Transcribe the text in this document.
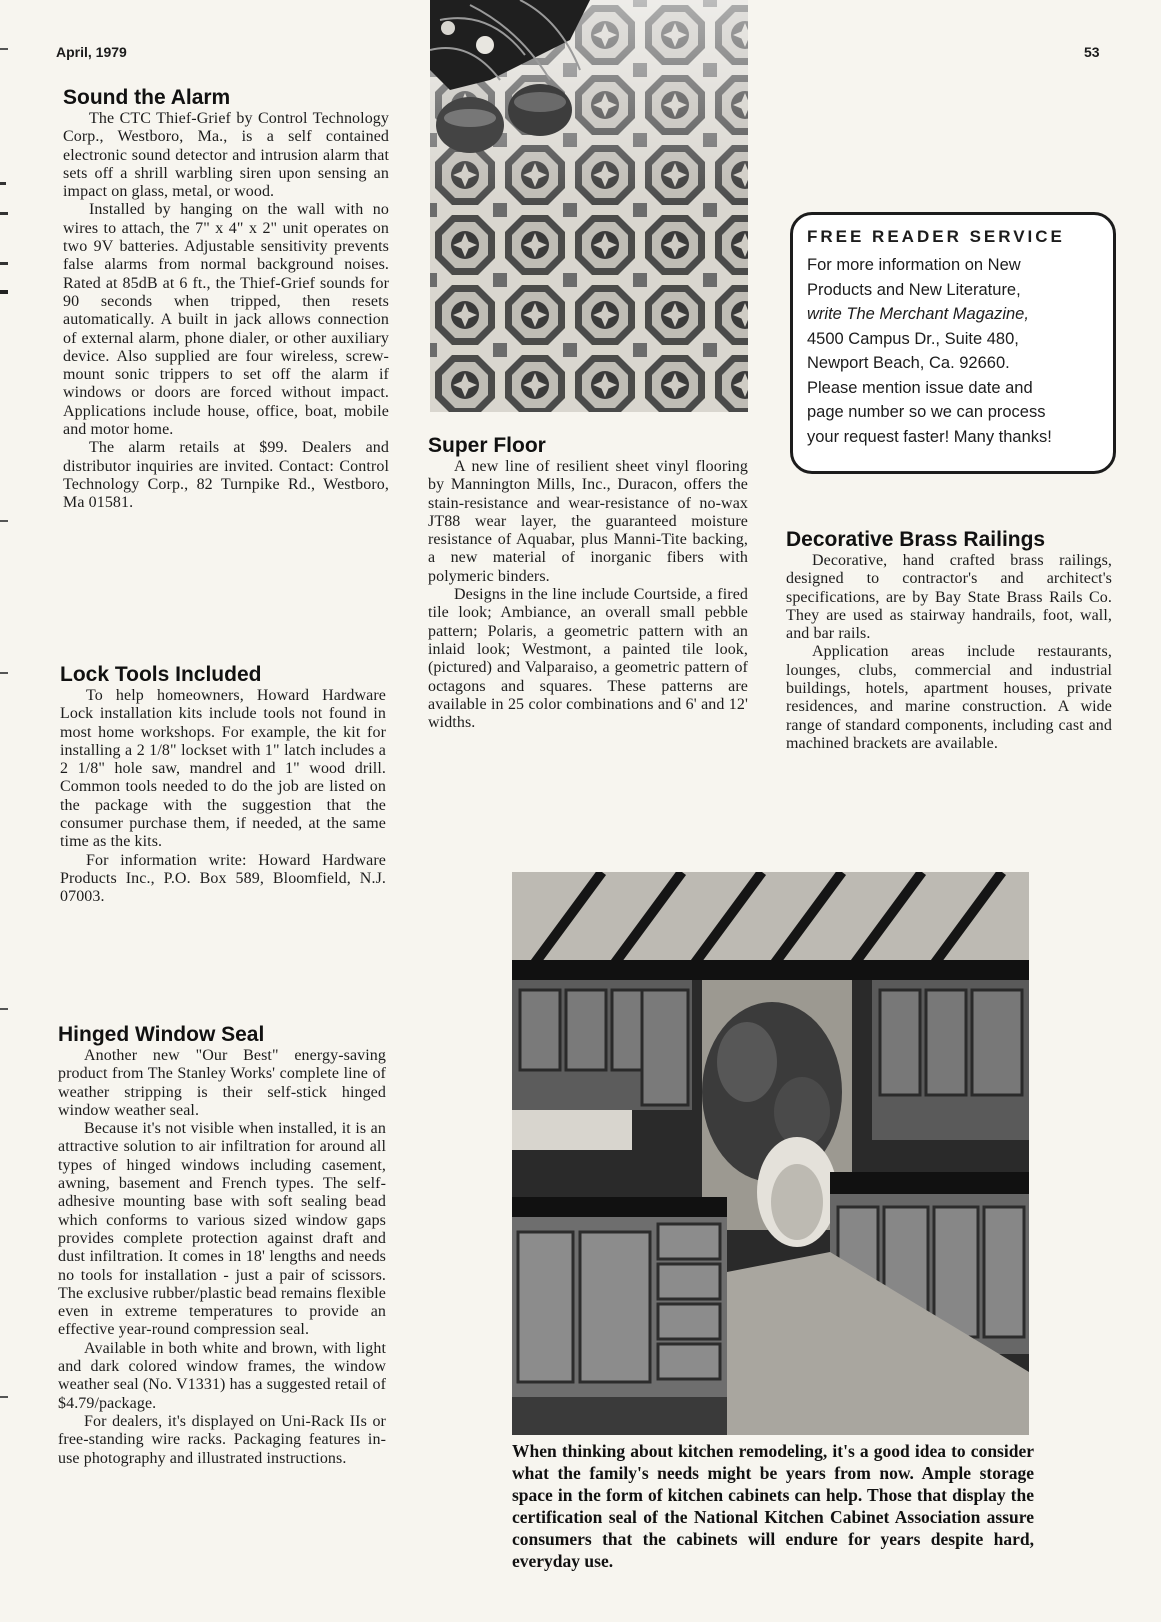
April, 1979	53
Sound the Alarm

The CTC Thief-Grief by Control Technology Corp., Westboro, Ma., is a self contained electronic sound detector and intrusion alarm that sets off a shrill warbling siren upon sensing an impact on glass, metal, or wood.

Installed by hanging on the wall with no wires to attach, the 7" x 4" x 2" unit operates on two 9V batteries. Adjustable sensitivity prevents false alarms from normal background noises. Rated at 85dB at 6 ft., the Thief-Grief sounds for 90 seconds when tripped, then resets automatically. A built in jack allows connection of external alarm, phone dialer, or other auxiliary device. Also supplied are four wireless, screw-mount sonic trippers to set off the alarm if windows or doors are forced without impact. Applications include house, office, boat, mobile and motor home.

The alarm retails at $99. Dealers and distributor inquiries are invited. Contact: Control Technology Corp., 82 Turnpike Rd., Westboro, Ma 01581.

Lock Tools Included

To help homeowners, Howard Hardware Lock installation kits include tools not found in most home workshops. For example, the kit for installing a 2 1/8" lockset with 1" latch includes a 2 1/8" hole saw, mandrel and 1" wood drill. Common tools needed to do the job are listed on the package with the suggestion that the consumer purchase them, if needed, at the same time as the kits.

For information write: Howard Hardware Products Inc., P.O. Box 589, Bloomfield, N.J. 07003.

Hinged Window Seal

Another new "Our Best" energy-saving product from The Stanley Works' complete line of weather stripping is their self-stick hinged window weather seal.

Because it's not visible when installed, it is an attractive solution to air infiltration for around all types of hinged windows including casement, awning, basement and French types. The self-adhesive mounting base with soft sealing bead which conforms to various sized window gaps provides complete protection against draft and dust infiltration. It comes in 18' lengths and needs no tools for installation - just a pair of scissors. The exclusive rubber/plastic bead remains flexible even in extreme temperatures to provide an effective year-round compression seal.

Available in both white and brown, with light and dark colored window frames, the window weather seal (No. V1331) has a suggested retail of $4.79/package.

For dealers, it's displayed on Uni-Rack IIs or free-standing wire racks. Packaging features in-use photography and illustrated instructions.

Super Floor

A new line of resilient sheet vinyl flooring by Mannington Mills, Inc., Duracon, offers the stain-resistance and wear-resistance of no-wax JT88 wear layer, the guaranteed moisture resistance of Aquabar, plus Manni-Tite backing, a new material of inorganic fibers with polymeric binders.

Designs in the line include Courtside, a fired tile look; Ambiance, an overall small pebble pattern; Polaris, a geometric pattern with an inlaid look; Westmont, a painted tile look, (pictured) and Valparaiso, a geometric pattern of octagons and squares. These patterns are available in 25 color combinations and 6' and 12' widths.

FREE READER SERVICE
For more information on New
Products and New Literature,
write The Merchant Magazine,
4500 Campus Dr., Suite 480,
Newport Beach, Ca. 92660.
Please mention issue date and
page number so we can process
your request faster! Many thanks!
Decorative Brass Railings

Decorative, hand crafted brass railings, designed to contractor's and architect's specifications, are by Bay State Brass Rails Co. They are used as stairway handrails, foot, wall, and bar rails.

Application areas include restaurants, lounges, clubs, commercial and industrial buildings, hotels, apartment houses, private residences, and marine construction. A wide range of standard components, including cast and machined brackets are available.

When thinking about kitchen remodeling, it's a good idea to consider what the family's needs might be years from now. Ample storage space in the form of kitchen cabinets can help. Those that display the certification seal of the National Kitchen Cabinet Association assure consumers that the cabinets will endure for years despite hard, everyday use.
